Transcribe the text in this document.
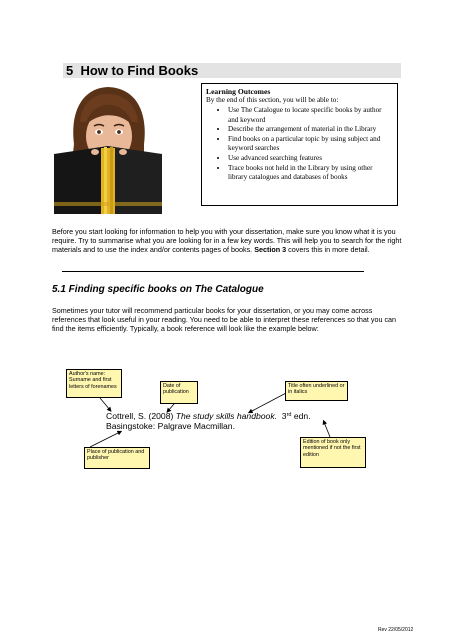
5 How to Find Books
Learning Outcomes
By the end of this section, you will be able to:
• Use The Catalogue to locate specific books by author and keyword
• Describe the arrangement of material in the Library
• Find books on a particular topic by using subject and keyword searches
• Use advanced searching features
• Trace books not held in the Library by using other library catalogues and databases of books
Before you start looking for information to help you with your dissertation, make sure you know what it is you require. Try to summarise what you are looking for in a few key words. This will help you to search for the right materials and to use the index and/or contents pages of books. Section 3 covers this in more detail.
5.1 Finding specific books on The Catalogue
Sometimes your tutor will recommend particular books for your dissertation, or you may come across references that look useful in your reading. You need to be able to interpret these references so that you can find the items efficiently. Typically, a book reference will look like the example below:
Author's name: Surname and first letters of forenames	Date of publication
Title often underlined or in italics
Place of publication and publisher
Edition of book only mentioned if not the first edition
Cottrell, S. (2008) The study skills handbook.  3rd edn.
Basingstoke: Palgrave Macmillan.
Rev 22/05/2012
